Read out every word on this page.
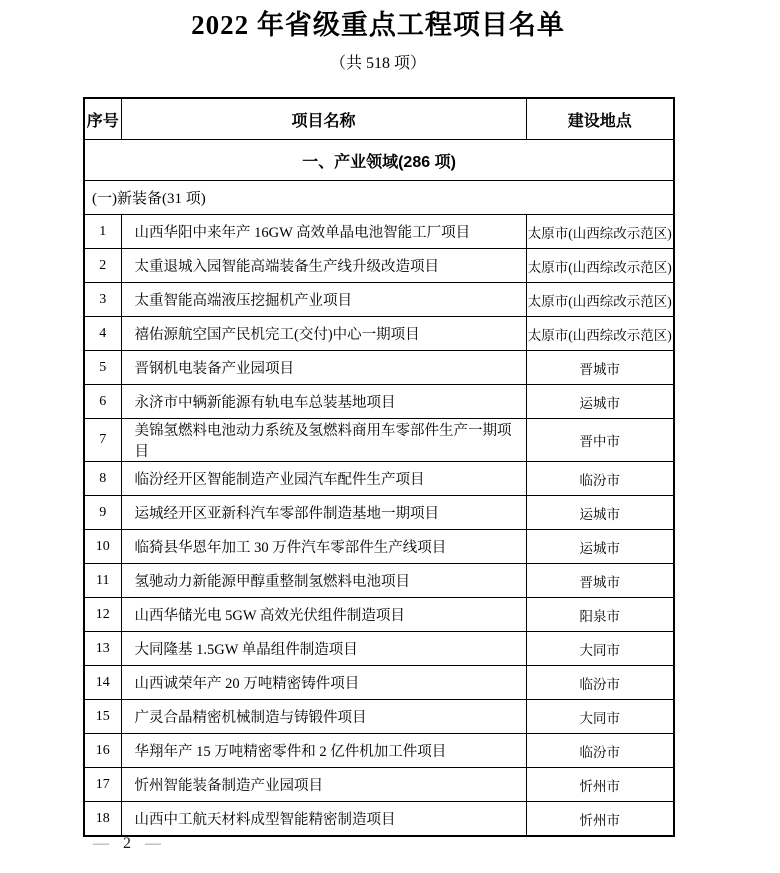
2022 年省级重点工程项目名单
（共 518 项）
序号	项目名称	建设地点
一、产业领域(286 项)		
(一)新装备(31 项)		
1	山西华阳中来年产 16GW 高效单晶电池智能工厂项目	太原市(山西综改示范区)
2	太重退城入园智能高端装备生产线升级改造项目	太原市(山西综改示范区)
3	太重智能高端液压挖掘机产业项目	太原市(山西综改示范区)
4	禧佑源航空国产民机完工(交付)中心一期项目	太原市(山西综改示范区)
5	晋钢机电装备产业园项目	晋城市
6	永济市中辆新能源有轨电车总装基地项目	运城市
7	美锦氢燃料电池动力系统及氢燃料商用车零部件生产一期项目	晋中市
8	临汾经开区智能制造产业园汽车配件生产项目	临汾市
9	运城经开区亚新科汽车零部件制造基地一期项目	运城市
10	临猗县华恩年加工 30 万件汽车零部件生产线项目	运城市
11	氢驰动力新能源甲醇重整制氢燃料电池项目	晋城市
12	山西华储光电 5GW 高效光伏组件制造项目	阳泉市
13	大同隆基 1.5GW 单晶组件制造项目	大同市
14	山西诚荣年产 20 万吨精密铸件项目	临汾市
15	广灵合晶精密机械制造与铸锻件项目	大同市
16	华翔年产 15 万吨精密零件和 2 亿件机加工件项目	临汾市
17	忻州智能装备制造产业园项目	忻州市
18	山西中工航天材料成型智能精密制造项目	忻州市
— 2 —
